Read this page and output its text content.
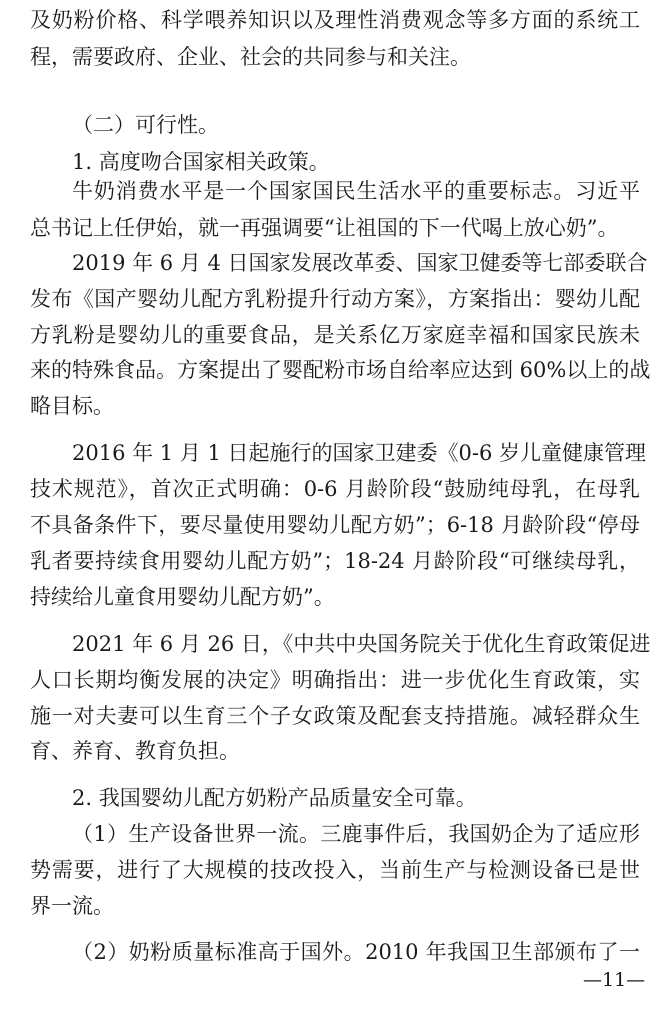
及奶粉价格、科学喂养知识以及理性消费观念等多方面的系统工
程，需要政府、企业、社会的共同参与和关注。
（二）可行性。
1. 高度吻合国家相关政策。
牛奶消费水平是一个国家国民生活水平的重要标志。习近平
总书记上任伊始，就一再强调要“让祖国的下一代喝上放心奶”。
2019 年 6 月 4 日国家发展改革委、国家卫健委等七部委联合
发布《国产婴幼儿配方乳粉提升行动方案》，方案指出：婴幼儿配
方乳粉是婴幼儿的重要食品，是关系亿万家庭幸福和国家民族未
来的特殊食品。方案提出了婴配粉市场自给率应达到 60%以上的战
略目标。
2016 年 1 月 1 日起施行的国家卫建委《0-6 岁儿童健康管理
技术规范》，首次正式明确：0-6 月龄阶段“鼓励纯母乳，在母乳
不具备条件下，要尽量使用婴幼儿配方奶”；6-18 月龄阶段“停母
乳者要持续食用婴幼儿配方奶”；18-24 月龄阶段“可继续母乳，
持续给儿童食用婴幼儿配方奶”。
2021 年 6 月 26 日，《中共中央国务院关于优化生育政策促进
人口长期均衡发展的决定》明确指出：进一步优化生育政策，实
施一对夫妻可以生育三个子女政策及配套支持措施。减轻群众生
育、养育、教育负担。
2. 我国婴幼儿配方奶粉产品质量安全可靠。
（1）生产设备世界一流。三鹿事件后，我国奶企为了适应形
势需要，进行了大规模的技改投入，当前生产与检测设备已是世
界一流。
（2）奶粉质量标准高于国外。2010 年我国卫生部颁布了一
—11—
